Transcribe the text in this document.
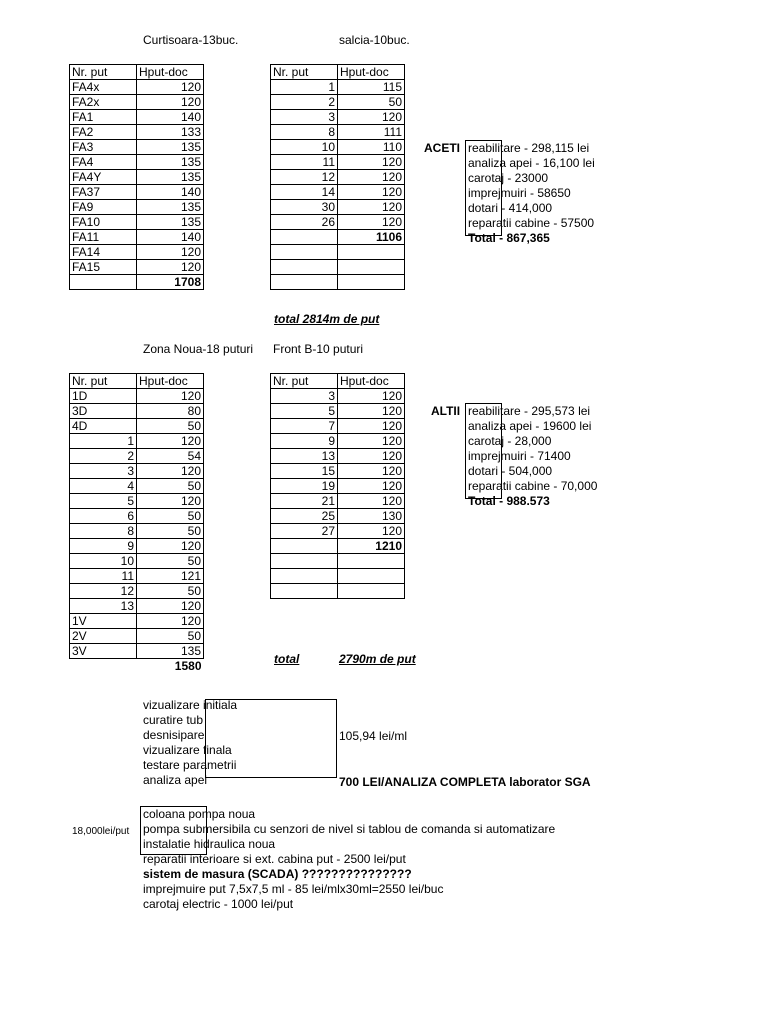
Curtisoara-13buc.	salcia-10buc.
Zona Noua-18 puturi Front B-10 puturi
Nr. put	Hput-doc
FA4x	120
FA2x	120
FA1	140
FA2	133
FA3	135
FA4	135
FA4Y	135
FA37	140
FA9	135
FA10	135
FA11	140
FA14	120
FA15	120
	1708
Nr. put	Hput-doc
1	115
2	50
3	120
8	111
10	110
11	120
12	120
14	120
30	120
26	120
	1106

Nr. put	Hput-doc
1D	120
3D	80
4D	50
1	120
2	54
3	120
4	50
5	120
6	50
8	50
9	120
10	50
11	121
12	50
13	120
1V	120
2V	50
3V	135
	1580
Nr. put	Hput-doc
3	120
5	120
7	120
9	120
13	120
15	120
19	120
21	120
25	130
27	120
	1210

total 2814m de put
total	2790m de put
ACETI reabilitare - 298,115 lei
analiza apei - 16,100 lei
carotaj - 23000
imprejmuiri - 58650
dotari - 414,000
reparatii cabine - 57500
Total - 867,365
ALTII reabilitare - 295,573 lei
analiza apei - 19600 lei
carotaj - 28,000
imprejmuiri - 71400
dotari - 504,000
reparatii cabine - 70,000
Total - 988.573
vizualizare initiala
curatire tub
desnisipare
vizualizare finala
testare parametrii
analiza apei
105,94 lei/ml
700 LEI/ANALIZA COMPLETA laborator SGA
18,000lei/put
coloana pompa noua
pompa submersibila cu senzori de nivel si tablou de comanda si automatizare
instalatie hidraulica noua
reparatii interioare si ext. cabina put - 2500 lei/put
sistem de masura (SCADA) ???????????????
imprejmuire put 7,5x7,5 ml - 85 lei/mlx30ml=2550 lei/buc
carotaj electric - 1000 lei/put
